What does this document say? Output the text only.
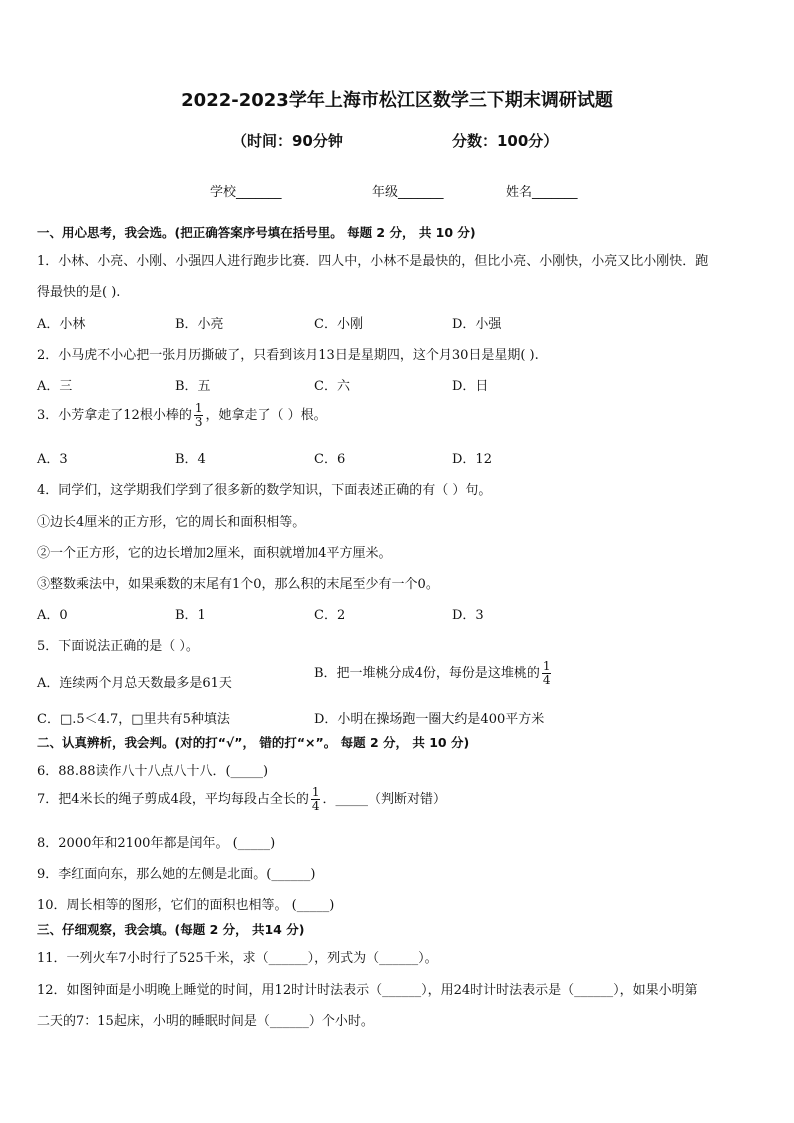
2022-2023学年上海市松江区数学三下期末调研试题
（时间：90分钟	分数：100分）
学校_______	年级_______	姓名_______
一、用心思考，我会选。(把正确答案序号填在括号里。 每题 2 分， 共 10 分)
1．小林、小亮、小刚、小强四人进行跑步比赛．四人中，小林不是最快的，但比小亮、小刚快，小亮又比小刚快．跑
得最快的是( ).
A．小林	B．小亮	C．小刚	D．小强
2．小马虎不小心把一张月历撕破了，只看到该月13日是星期四，这个月30日是星期( ).
A．三	B．五	C．六	D．日
3．小芳拿走了12根小棒的 $\frac{1}{3}$ ，她拿走了（ ）根。
A．3	B．4	C．6	D．12
4．同学们，这学期我们学到了很多新的数学知识，下面表述正确的有（ ）句。
①边长4厘米的正方形，它的周长和面积相等。
②一个正方形，它的边长增加2厘米，面积就增加4平方厘米。
③整数乘法中，如果乘数的末尾有1个0，那么积的末尾至少有一个0。
A．0	B．1	C．2	D．3
5．下面说法正确的是（ ）。
A．连续两个月总天数最多是61天
B．把一堆桃分成4份，每份是这堆桃的 $\frac{1}{4}$
C．□.5＜4.7，□里共有5种填法	D．小明在操场跑一圈大约是400平方米
二、认真辨析，我会判。(对的打“√”， 错的打“×”。 每题 2 分， 共 10 分)
6．88.88读作八十八点八十八．(_____)
7．把4米长的绳子剪成4段，平均每段占全长的 $\frac{1}{4}$ ．_____（判断对错）
8．2000年和2100年都是闰年。 (_____)
9．李红面向东，那么她的左侧是北面。(______)
10．周长相等的图形，它们的面积也相等。 (_____)
三、仔细观察，我会填。(每题 2 分， 共14 分)
11．一列火车7小时行了525千米，求（______），列式为（______）。
12．如图钟面是小明晚上睡觉的时间，用12时计时法表示（______），用24时计时法表示是（______），如果小明第
二天的7：15起床，小明的睡眠时间是（______）个小时。
